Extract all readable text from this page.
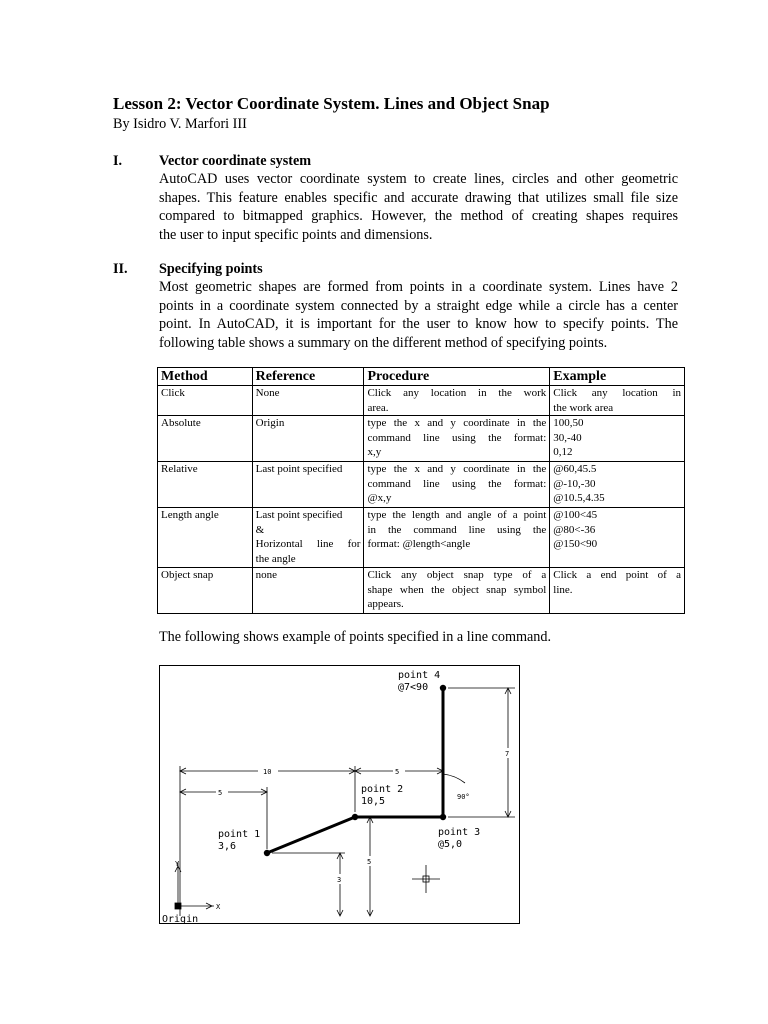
Lesson 2: Vector Coordinate System. Lines and Object Snap
By Isidro V. Marfori III
I.	Vector coordinate system
AutoCAD uses vector coordinate system to create lines, circles and other geometric
shapes. This feature enables specific and accurate drawing that utilizes small file size
compared to bitmapped graphics. However, the method of creating shapes requires
the user to input specific points and dimensions.
II. Specifying points
Most geometric shapes are formed from points in a coordinate system. Lines have 2
points in a coordinate system connected by a straight edge while a circle has a center
point. In AutoCAD, it is important for the user to know how to specify points. The
following table shows a summary on the different method of specifying points.
Method	Reference	Procedure	Example
Click	None	Click any location in the work
area.	Click any location in
the work area

Absolute	Origin	type the x and y coordinate in the
command line using the format:
x,y	100,50
30,-40
0,12

Relative	Last point specified	type the x and y coordinate in the
command line using the format:
@x,y	@60,45.5
@-10,-30
@10.5,4.35

Length angle	Last point specified
&
Horizontal line for
the angle	type the length and angle of a point
in the command line using the
format: @length<angle	@100<45
@80<-36
@150<90

Object snap	none	Click any object snap type of a
shape when the object snap symbol
appears.	Click a end point of a
line.
The following shows example of points specified in a line command.
10	5
5
7
5
3
90°
Y
X
Origin
point 1
3,6
point 2
10,5
point 3
@5,0
point 4
@7<90
